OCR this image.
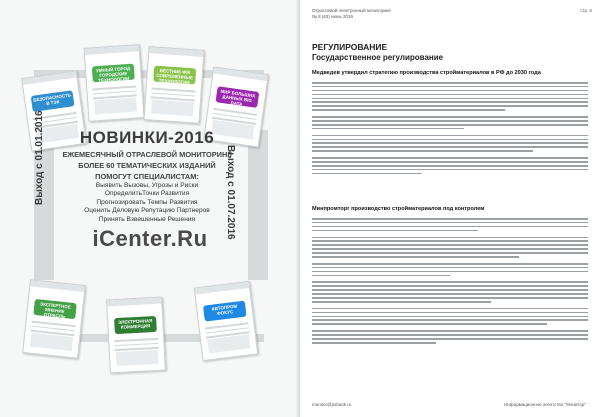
БЕЗОПАСНОСТЬ В ТЭК
УМНЫЙ ГОРОД ГОРОДСКИЕ ТЕХНОЛОГИИ
ВЕСТНИК ФЖ СОВРЕМЕННЫЕ ТЕХНОЛОГИИ
МИР БОЛЬШИХ ДАННЫХ BIG DATA
ЭКСПЕРТНОЕ МНЕНИЕ ОТРАСЛЬ
ЭЛЕКТРОННАЯ КОММЕРЦИЯ
АВТОПРОМ ФОКУС
Выход с 01.01.2016	Выход с 01.07.2016
НОВИНКИ-2016
ЕЖЕМЕСЯЧНЫЙ ОТРАСЛЕВОЙ МОНИТОРИНГ
БОЛЕЕ 60 ТЕМАТИЧЕСКИХ ИЗДАНИЙ
ПОМОГУТ СПЕЦИАЛИСТАМ:
Выявить Вызовы, Угрозы и Риски
ОпределитьТочки Развития
Прогнозировать Темпы Развития
Оценить Деловую Репутацию Партнеров
Принять Взвешенные Решения
iCenter.Ru
Отраслевой электронный мониторинг
№ 8 (63) июнь 2016
стр. 5
РЕГУЛИРОВАНИЕ
Государственное регулирование
Медведев утвердил стратегию производства стройматериалов в РФ до 2030 года
Минпромторг производство стройматериалов под контролем
monitor@psbank.ru	Информационное агентство "Монитор"
